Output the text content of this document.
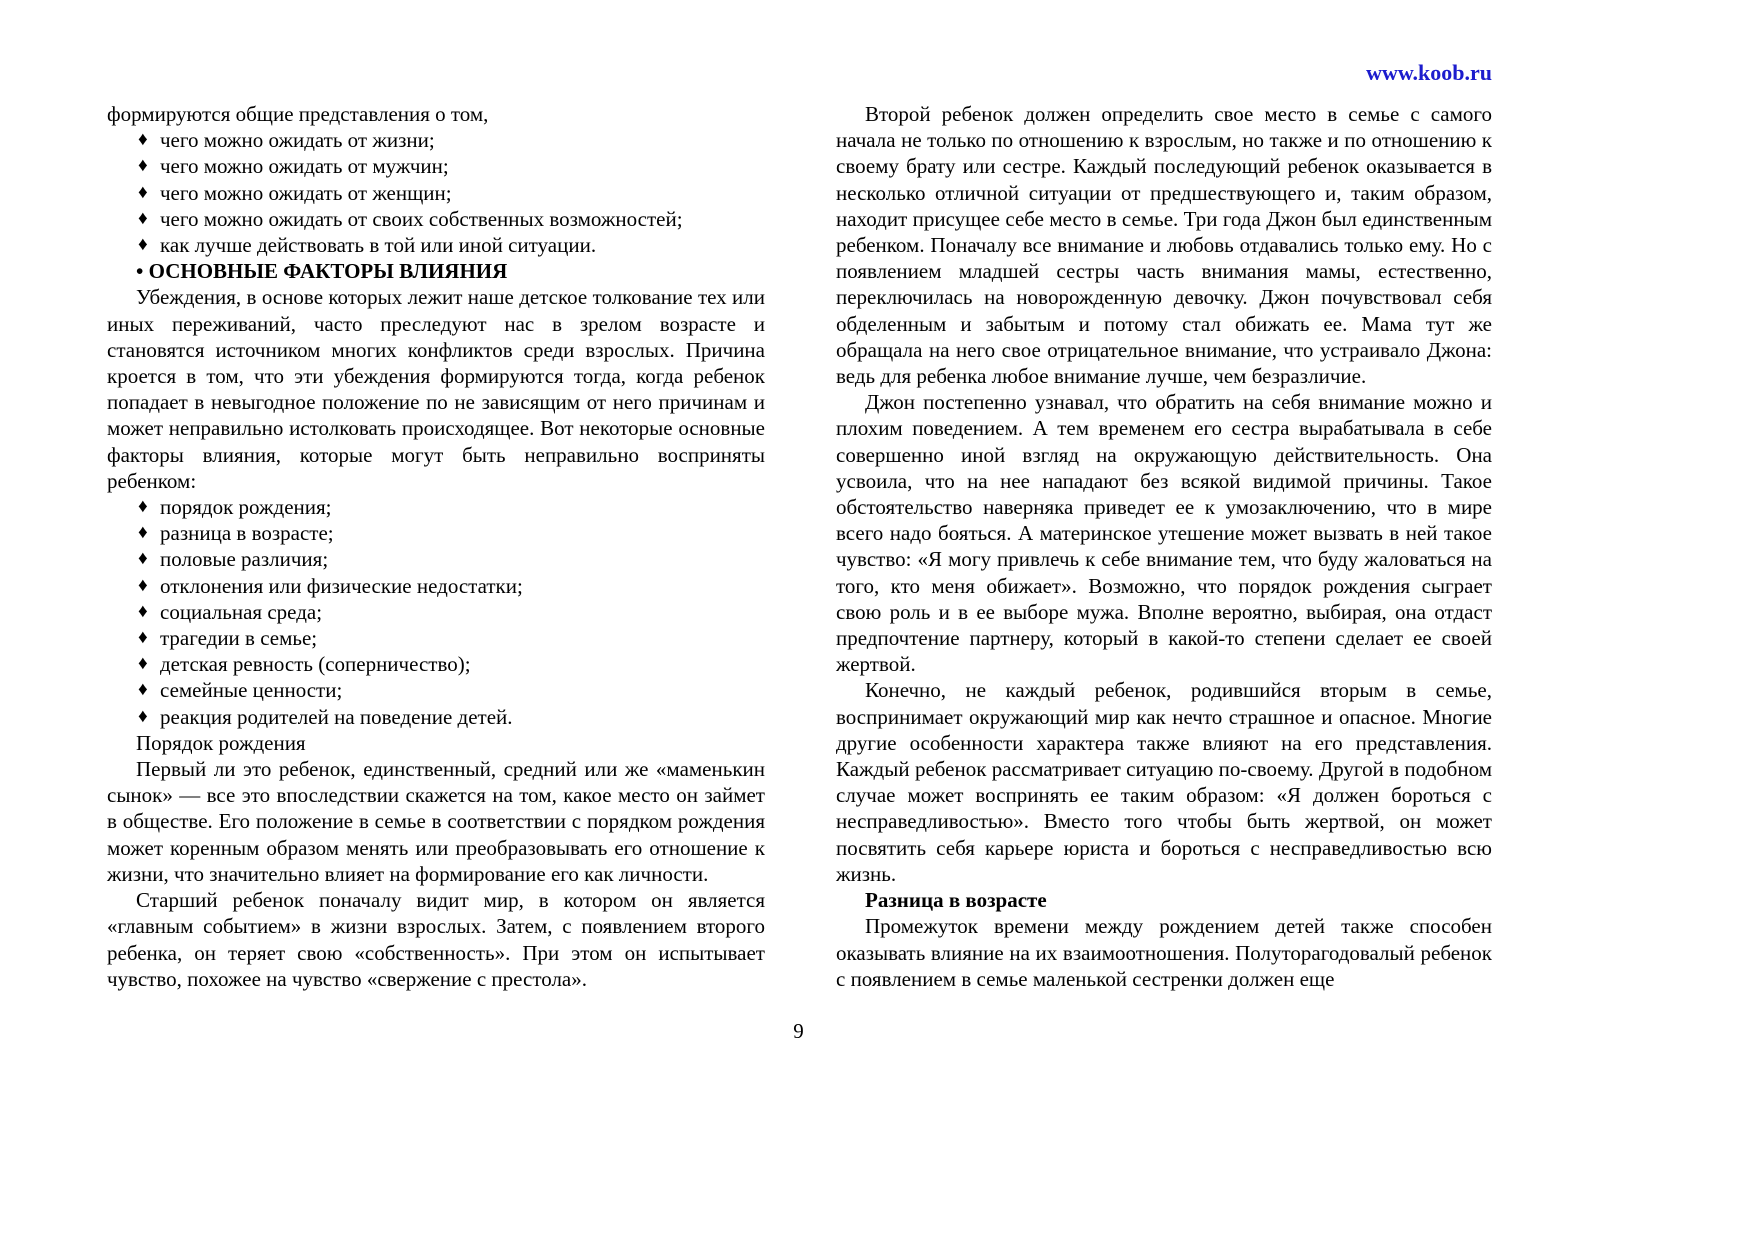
www.koob.ru

формируются общие представления о том,

♦ чего можно ожидать от жизни;
♦ чего можно ожидать от мужчин;
♦ чего можно ожидать от женщин;
♦ чего можно ожидать от своих собственных возможностей;
♦ как лучше действовать в той или иной ситуации.

• ОСНОВНЫЕ ФАКТОРЫ ВЛИЯНИЯ

Убеждения, в основе которых лежит наше детское толкование тех или иных переживаний, часто преследуют нас в зрелом возрасте и становятся источником многих конфликтов среди взрослых. Причина кроется в том, что эти убеждения формируются тогда, когда ребенок попадает в невыгодное положение по не зависящим от него причинам и может неправильно истолковать происходящее. Вот некоторые основные факторы влияния, которые могут быть неправильно восприняты ребенком:

♦ порядок рождения;
♦ разница в возрасте;
♦ половые различия;
♦ отклонения или физические недостатки;
♦ социальная среда;
♦ трагедии в семье;
♦ детская ревность (соперничество);
♦ семейные ценности;
♦ реакция родителей на поведение детей.

Порядок рождения

Первый ли это ребенок, единственный, средний или же «маменькин сынок» — все это впоследствии скажется на том, какое место он займет в обществе. Его положение в семье в соответствии с порядком рождения может коренным образом менять или преобразовывать его отношение к жизни, что значительно влияет на формирование его как личности.

Старший ребенок поначалу видит мир, в котором он является «главным событием» в жизни взрослых. Затем, с появлением второго ребенка, он теряет свою «собственность». При этом он испытывает чувство, похожее на чувство «свержение с престола».

Второй ребенок должен определить свое место в семье с самого начала не только по отношению к взрослым, но также и по отношению к своему брату или сестре. Каждый последующий ребенок оказывается в несколько отличной ситуации от предшествующего и, таким образом, находит присущее себе место в семье. Три года Джон был единственным ребенком. Поначалу все внимание и любовь отдавались только ему. Но с появлением младшей сестры часть внимания мамы, естественно, переключилась на новорожденную девочку. Джон почувствовал себя обделенным и забытым и потому стал обижать ее. Мама тут же обращала на него свое отрицательное внимание, что устраивало Джона: ведь для ребенка любое внимание лучше, чем безразличие.

Джон постепенно узнавал, что обратить на себя внимание можно и плохим поведением. А тем временем его сестра вырабатывала в себе совершенно иной взгляд на окружающую действительность. Она усвоила, что на нее нападают без всякой видимой причины. Такое обстоятельство наверняка приведет ее к умозаключению, что в мире всего надо бояться. А материнское утешение может вызвать в ней такое чувство: «Я могу привлечь к себе внимание тем, что буду жаловаться на того, кто меня обижает». Возможно, что порядок рождения сыграет свою роль и в ее выборе мужа. Вполне вероятно, выбирая, она отдаст предпочтение партнеру, который в какой-то степени сделает ее своей жертвой.

Конечно, не каждый ребенок, родившийся вторым в семье, воспринимает окружающий мир как нечто страшное и опасное. Многие другие особенности характера также влияют на его представления. Каждый ребенок рассматривает ситуацию по-своему. Другой в подобном случае может воспринять ее таким образом: «Я должен бороться с несправедливостью». Вместо того чтобы быть жертвой, он может посвятить себя карьере юриста и бороться с несправедливостью всю жизнь.

Разница в возрасте

Промежуток времени между рождением детей также способен оказывать влияние на их взаимоотношения. Полуторагодовалый ребенок с появлением в семье маленькой сестренки должен еще

9
